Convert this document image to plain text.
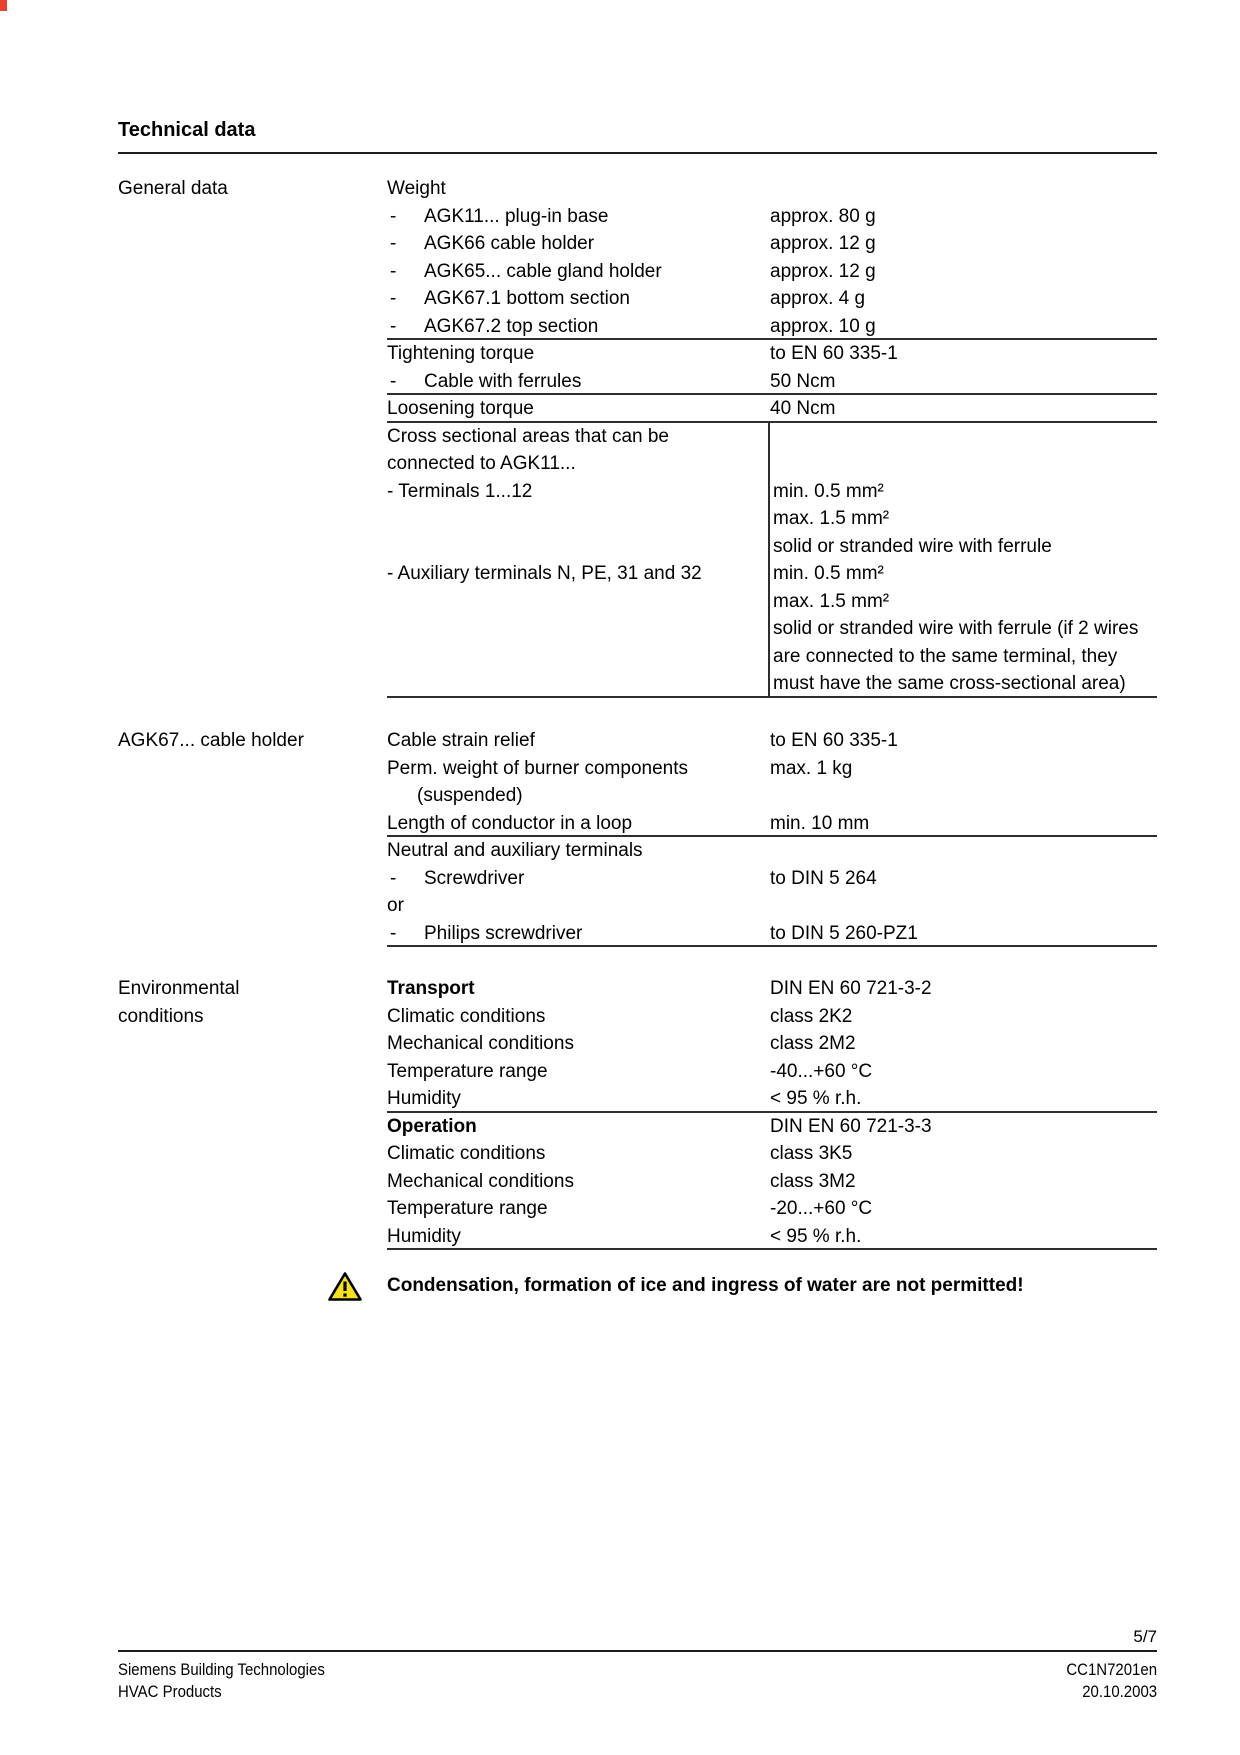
Technical data
General data	Weight
- AGK11... plug-in base	approx. 80 g
- AGK66 cable holder	approx. 12 g
- AGK65... cable gland holder	approx. 12 g
- AGK67.1 bottom section	approx. 4 g
- AGK67.2 top section	approx. 10 g
Tightening torque	to EN 60 335-1
- Cable with ferrules	50 Ncm
Loosening torque	40 Ncm
Cross sectional areas that can be
connected to AGK11...
- Terminals 1...12	min. 0.5 mm²
max. 1.5 mm²
solid or stranded wire with ferrule
- Auxiliary terminals N, PE, 31 and 32	min. 0.5 mm²
max. 1.5 mm²
solid or stranded wire with ferrule (if 2 wires
are connected to the same terminal, they
must have the same cross-sectional area)
AGK67... cable holder	Cable strain relief	to EN 60 335-1
Perm. weight of burner components	max. 1 kg
(suspended)
Length of conductor in a loop	min. 10 mm
Neutral and auxiliary terminals
- Screwdriver	to DIN 5 264
or
- Philips screwdriver	to DIN 5 260-PZ1
Environmental
conditions
Transport	DIN EN 60 721-3-2
Climatic conditions	class 2K2
Mechanical conditions	class 2M2
Temperature range	-40...+60 °C
Humidity	< 95 % r.h.
Operation	DIN EN 60 721-3-3
Climatic conditions	class 3K5
Mechanical conditions	class 3M2
Temperature range	-20...+60 °C
Humidity	< 95 % r.h.
Condensation, formation of ice and ingress of water are not permitted!
5/7
Siemens Building Technologies	CC1N7201en
HVAC Products	20.10.2003
